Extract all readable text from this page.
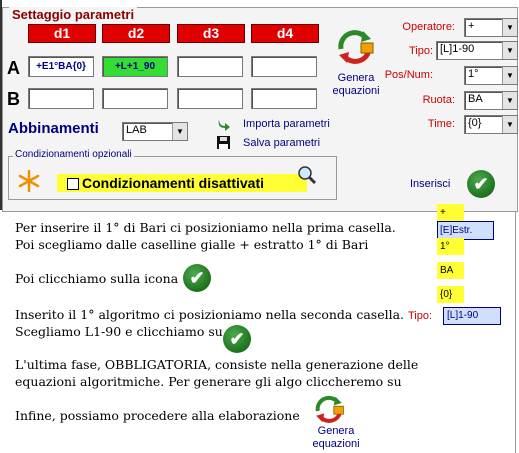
Settaggio parametri
d1	d2	d3	d4
A	+E1°BA{0}	+L+1_90
B
Genera
equazioni
Operatore: +	▼
Tipo: [L]1-90	▼
Pos/Num:	1°	▼
Ruota: BA	▼
Time: {0}	▼
Abbinamenti LAB	▼
Importa parametri
Salva parametri
Condizionamenti opzionali
Condizionamenti disattivati	Inserisci	✔
Per inserire il 1° di Bari ci posizioniamo nella prima casella.
Poi scegliamo dalle caselline gialle + estratto 1° di Bari
Poi clicchiamo sulla icona ✔
Inserito il 1° algoritmo ci posizioniamo nella seconda casella.
Scegliamo L1-90 e clicchiamo su ✔
L'ultima fase, OBBLIGATORIA, consiste nella generazione delle
equazioni algoritmiche. Per generare gli algo cliccheremo su
Infine, possiamo procedere alla elaborazione
Genera
equazioni
+
[E]Estr.
1°
BA
{0}
Tipo:	[L]1-90
